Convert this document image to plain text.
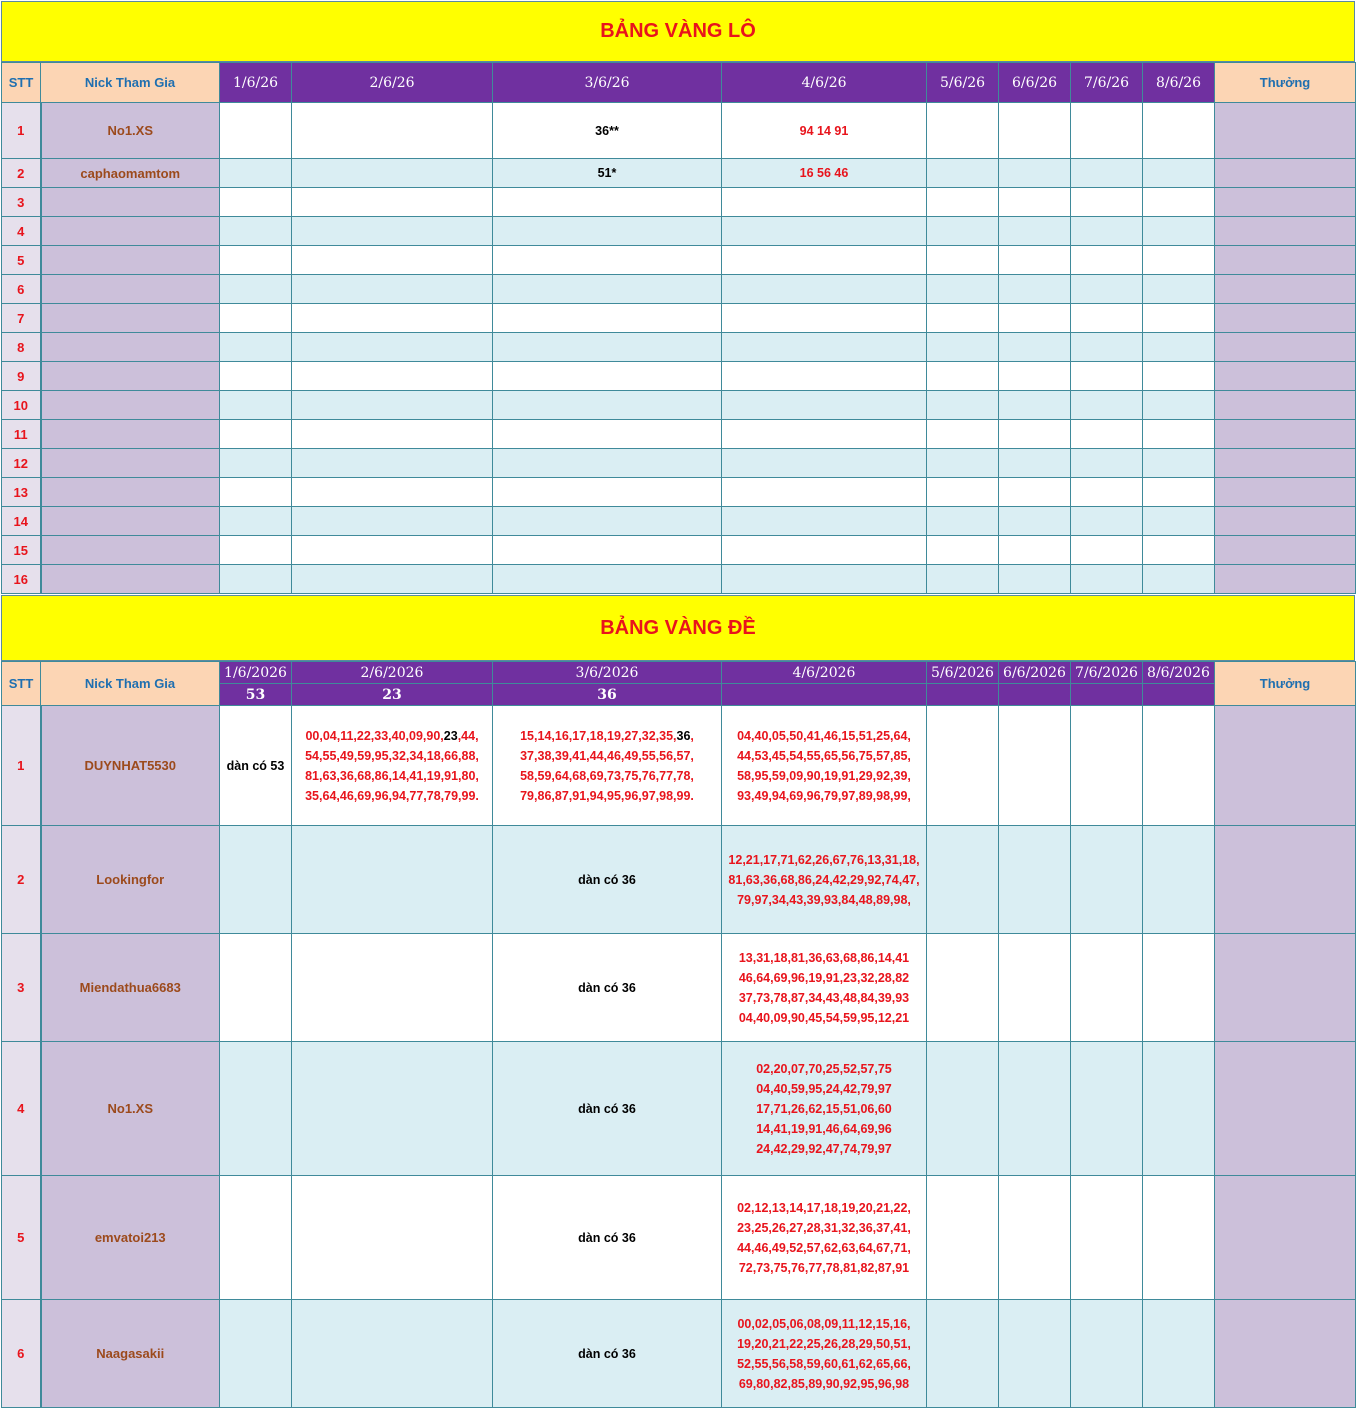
BẢNG VÀNG LÔ
STT	Nick Tham Gia	1/6/26	2/6/26	3/6/26	4/6/26	5/6/26	6/6/26	7/6/26	8/6/26	Thưởng
1	No1.XS			36**	94 14 91					
2	caphaomamtom			51*	16 56 46					
3										
4										
5										
6										
7										
8										
9										
10										
11										
12										
13										
14										
15										
16										
BẢNG VÀNG ĐỀ
STT	Nick Tham Gia	1/6/2026	2/6/2026	3/6/2026	4/6/2026	5/6/2026	6/6/2026	7/6/2026	8/6/2026	Thưởng
		53	23	36						
1	DUYNHAT5530	dàn có 53	00,04,11,22,33,40,09,90,23,44,
54,55,49,59,95,32,34,18,66,88,
81,63,36,68,86,14,41,19,91,80,
35,64,46,69,96,94,77,78,79,99.	15,14,16,17,18,19,27,32,35,36,
37,38,39,41,44,46,49,55,56,57,
58,59,64,68,69,73,75,76,77,78,
79,86,87,91,94,95,96,97,98,99.	04,40,05,50,41,46,15,51,25,64,
44,53,45,54,55,65,56,75,57,85,
58,95,59,09,90,19,91,29,92,39,
93,49,94,69,96,79,97,89,98,99,					
2	Lookingfor			dàn có 36	12,21,17,71,62,26,67,76,13,31,18,
81,63,36,68,86,24,42,29,92,74,47,
79,97,34,43,39,93,84,48,89,98,					
3	Miendathua6683			dàn có 36	13,31,18,81,36,63,68,86,14,41
46,64,69,96,19,91,23,32,28,82
37,73,78,87,34,43,48,84,39,93
04,40,09,90,45,54,59,95,12,21					
4	No1.XS			dàn có 36	02,20,07,70,25,52,57,75
04,40,59,95,24,42,79,97
17,71,26,62,15,51,06,60
14,41,19,91,46,64,69,96
24,42,29,92,47,74,79,97					
5	emvatoi213			dàn có 36	02,12,13,14,17,18,19,20,21,22,
23,25,26,27,28,31,32,36,37,41,
44,46,49,52,57,62,63,64,67,71,
72,73,75,76,77,78,81,82,87,91					
6	Naagasakii			dàn có 36	00,02,05,06,08,09,11,12,15,16,
19,20,21,22,25,26,28,29,50,51,
52,55,56,58,59,60,61,62,65,66,
69,80,82,85,89,90,92,95,96,98					
